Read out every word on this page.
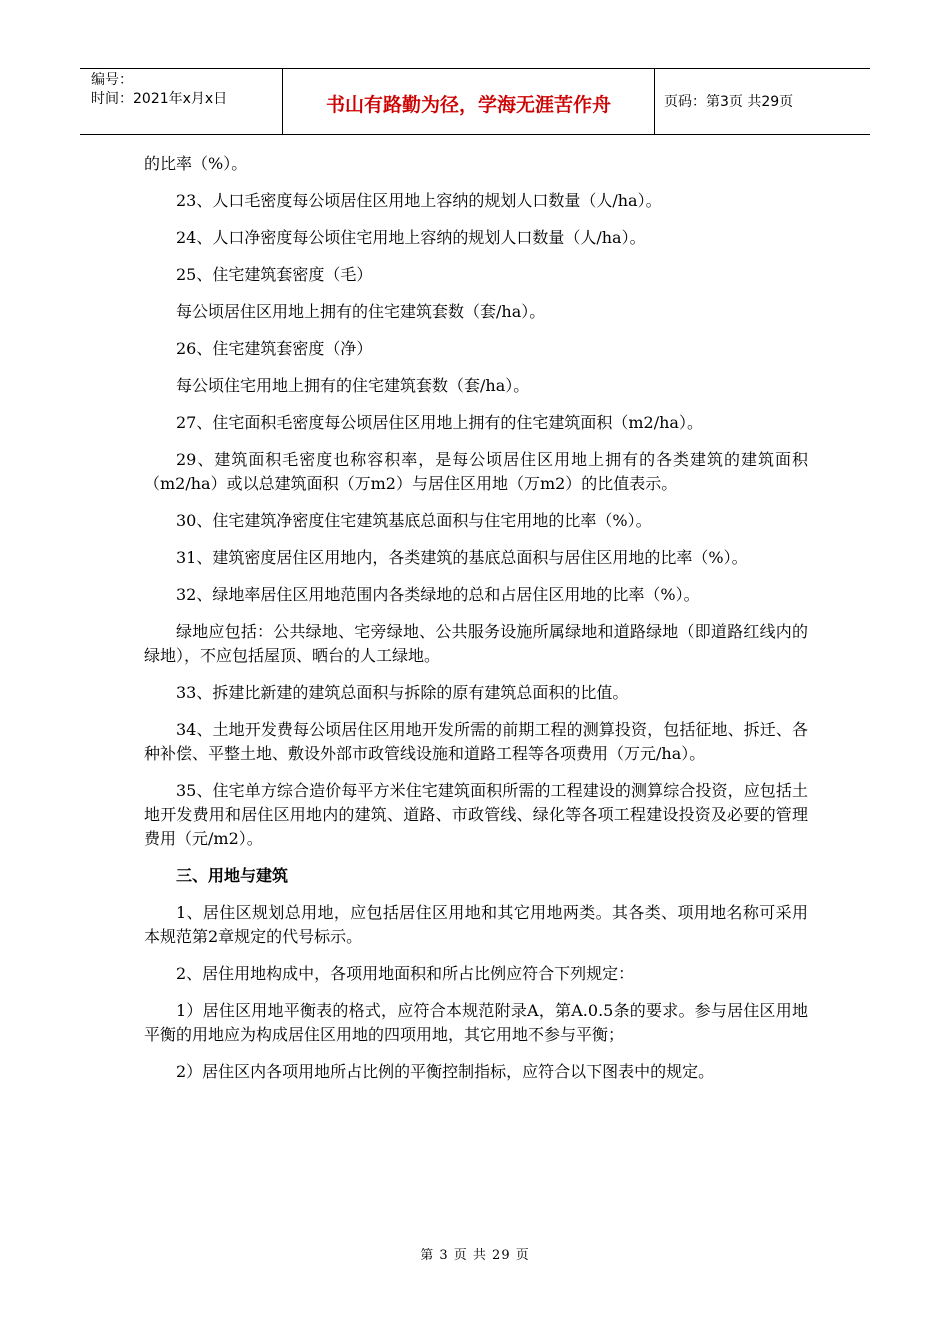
编号：
时间：2021年x月x日	书山有路勤为径，学海无涯苦作舟	页码：第3页 共29页

的比率（%）。

23、人口毛密度每公顷居住区用地上容纳的规划人口数量（人/ha）。

24、人口净密度每公顷住宅用地上容纳的规划人口数量（人/ha）。

25、住宅建筑套密度（毛）

每公顷居住区用地上拥有的住宅建筑套数（套/ha）。

26、住宅建筑套密度（净）

每公顷住宅用地上拥有的住宅建筑套数（套/ha）。

27、住宅面积毛密度每公顷居住区用地上拥有的住宅建筑面积（m2/ha）。

29、建筑面积毛密度也称容积率，是每公顷居住区用地上拥有的各类建筑的建筑面积（m2/ha）或以总建筑面积（万m2）与居住区用地（万m2）的比值表示。

30、住宅建筑净密度住宅建筑基底总面积与住宅用地的比率（%）。

31、建筑密度居住区用地内，各类建筑的基底总面积与居住区用地的比率（%）。

32、绿地率居住区用地范围内各类绿地的总和占居住区用地的比率（%）。

绿地应包括：公共绿地、宅旁绿地、公共服务设施所属绿地和道路绿地（即道路红线内的绿地），不应包括屋顶、晒台的人工绿地。

33、拆建比新建的建筑总面积与拆除的原有建筑总面积的比值。

34、土地开发费每公顷居住区用地开发所需的前期工程的测算投资，包括征地、拆迁、各种补偿、平整土地、敷设外部市政管线设施和道路工程等各项费用（万元/ha）。

35、住宅单方综合造价每平方米住宅建筑面积所需的工程建设的测算综合投资，应包括土地开发费用和居住区用地内的建筑、道路、市政管线、绿化等各项工程建设投资及必要的管理费用（元/m2）。

三、用地与建筑

1、居住区规划总用地，应包括居住区用地和其它用地两类。其各类、项用地名称可采用本规范第2章规定的代号标示。

2、居住用地构成中，各项用地面积和所占比例应符合下列规定：

1）居住区用地平衡表的格式，应符合本规范附录A，第A.0.5条的要求。参与居住区用地平衡的用地应为构成居住区用地的四项用地，其它用地不参与平衡；

2）居住区内各项用地所占比例的平衡控制指标，应符合以下图表中的规定。

第 3 页 共 29 页
